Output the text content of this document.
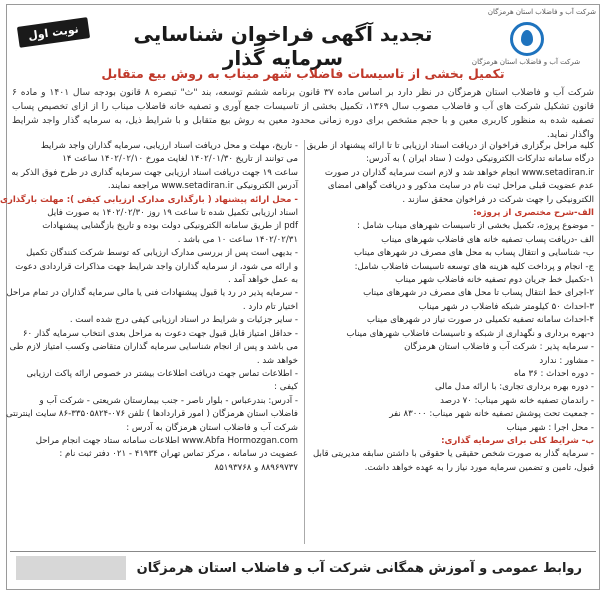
شرکت آب و فاضلاب استان هرمزگان
شرکت آب و فاضلاب استان هرمزگان
تجدید آگهی فراخوان شناسایی سرمایه گذار
نوبت اول
تکمیل بخشی از تاسیسات فاضلاب شهر میناب به روش بیع متقابل
شرکت آب و فاضلاب استان هرمزگان در نظر دارد بر اساس ماده ۳۷ قانون برنامه ششم توسعه، بند "ث" تبصره ۸ قانون بودجه سال ۱۴۰۱ و ماده ۶ قانون تشکیل شرکت های آب و فاضلاب مصوب سال ۱۳۶۹، تکمیل بخشی از تاسیسات جمع آوری و تصفیه خانه فاضلاب میناب را از ازای تخصیص پساب تصفیه شده به منظور کاربری معین و با حجم مشخص برای دوره زمانی محدود معین به روش بیع متقابل و با شرایط ذیل، به سرمایه گذار واجد شرایط واگذار نماید.
کلیه مراحل برگزاری فراخوان از دریافت اسناد ارزیابی تا تا ارائه پیشنهاد از طریق
درگاه سامانه تدارکات الکترونیکی دولت ( ستاد ایران ) به آدرس:
www.setadiran.ir انجام خواهد شد و لازم است سرمایه گذاران در صورت
عدم عضویت قبلی مراحل ثبت نام در سایت مذکور و دریافت گواهی امضای
الکترونیکی را جهت شرکت در فراخوان محقق سازند .
الف-شرح مختصری از پروژه:
- موضوع پروژه، تکمیل بخشی از تاسیسات شهرهای میناب شامل :
الف -دریافت پساب تصفیه خانه های فاضلاب شهرهای میناب
ب- شناسایی و انتقال پساب به محل های مصرف در شهرهای میناب
ج- انجام و پرداخت کلیه هزینه های توسعه تاسیسات فاضلاب شامل:
۱-تکمیل خط جریان دوم تصفیه خانه فاضلاب شهر میناب
۲-اجرای خط انتقال پساب تا محل های مصرف در شهرهای میناب
۳-احداث ۵۰ کیلومتر شبکه فاضلاب در شهر میناب
۴-احداث سامانه تصفیه تکمیلی در صورت نیاز در شهرهای میناب
د-بهره برداری و نگهداری از شبکه و تاسیسات فاضلاب شهرهای میناب
- سرمایه پذیر : شرکت آب و فاضلاب استان هرمزگان
- مشاور : ندارد
- دوره احداث : ۳۶ ماه
- دوره بهره برداری تجاری: با ارائه مدل مالی
- راندمان تصفیه خانه شهر میناب: ۷۰ درصد
- جمعیت تحت پوشش تصفیه خانه شهر میناب: ۸۳۰۰۰ نفر
- محل اجرا : شهر میناب
ب- شرایط کلی برای سرمایه گذاری:
- سرمایه گذار به صورت شخص حقیقی یا حقوقی با داشتن سابقه مدیریتی قابل
قبول، تامین و تضمین سرمایه مورد نیاز را به عهده خواهد داشت.
- تاریخ، مهلت و محل دریافت اسناد ارزیابی، سرمایه گذاران واجد شرایط
می توانند از تاریخ ۱۴۰۲/۰۱/۳۰ لغایت مورخ ۱۴۰۲/۰۲/۱۰ ساعت ۱۴
ساعت ۱۹ جهت دریافت اسناد ارزیابی جهت سرمایه گذاری در طرح فوق الذکر به
آدرس الکترونیکی www.setadiran.ir مراجعه نمایند.
- محل ارائه پیشنهاد ( بارگذاری مدارک ارزیابی کیفی ): مهلت بارگذاری
اسناد ارزیابی تکمیل شده تا ساعت ۱۹ روز ۱۴۰۲/۰۲/۳۰ به صورت فایل
pdf از طریق سامانه الکترونیکی دولت بوده و تاریخ بازگشایی پیشنهادات
۱۴۰۲/۰۲/۳۱ ساعت ۱۰ می باشد .
- بدیهی است پس از بررسی مدارک ارزیابی که توسط شرکت کنندگان تکمیل
و ارائه می شود، از سرمایه گذاران واجد شرایط جهت مذاکرات قراردادی دعوت
به عمل خواهد آمد .
- سرمایه پذیر در رد یا قبول پیشنهادات فنی یا مالی سرمایه گذاران در تمام مراحل
اختیار تام دارد .
- سایر جزئیات و شرایط در اسناد ارزیابی کیفی درج شده است .
- حداقل امتیاز قابل قبول جهت دعوت به مراحل بعدی انتخاب سرمایه گذار ۶۰
می باشد و پس از انجام شناسایی سرمایه گذاران متقاضی وکسب امتیاز لازم طی
خواهد شد .
- اطلاعات تماس جهت دریافت اطلاعات بیشتر در خصوص ارائه پاکت ارزیابی
کیفی :
- آدرس: بندرعباس - بلوار ناصر - جنب بیمارستان شریعتی - شرکت آب و
فاضلاب استان هرمزگان ( امور قراردادها ) تلفن ۰۷۶-۳۳۵۰۵۸۲۴-۸۶ سایت اینترنتی
شرکت آب و فاضلاب استان هرمزگان به آدرس :
www.Abfa Hormozgan.com اطلاعات سامانه ستاد جهت انجام مراحل
عضویت در سامانه ، مرکز تماس تهران ۴۱۹۳۴ - ۰۲۱ دفتر ثبت نام :
۸۸۹۶۹۷۳۷ و ۸۵۱۹۳۷۶۸
روابط عمومی و آموزش همگانی شرکت آب و فاضلاب استان هرمزگان
